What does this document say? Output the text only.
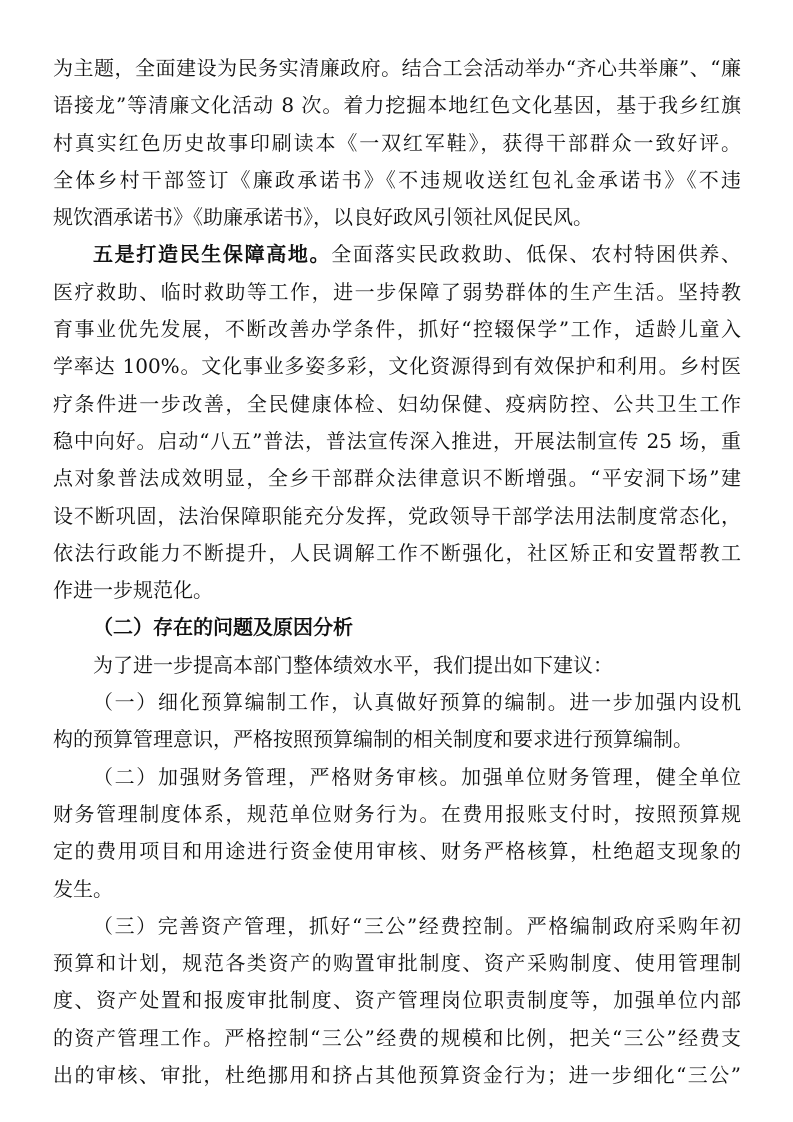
为主题，全面建设为民务实清廉政府。结合工会活动举办“齐心共举廉”、“廉
语接龙”等清廉文化活动 8 次。着力挖掘本地红色文化基因，基于我乡红旗
村真实红色历史故事印刷读本《一双红军鞋》，获得干部群众一致好评。
全体乡村干部签订《廉政承诺书》《不违规收送红包礼金承诺书》《不违
规饮酒承诺书》《助廉承诺书》，以良好政风引领社风促民风。
五是打造民生保障高地。全面落实民政救助、低保、农村特困供养、
医疗救助、临时救助等工作，进一步保障了弱势群体的生产生活。坚持教
育事业优先发展，不断改善办学条件，抓好“控辍保学”工作，适龄儿童入
学率达 100%。文化事业多姿多彩，文化资源得到有效保护和利用。乡村医
疗条件进一步改善，全民健康体检、妇幼保健、疫病防控、公共卫生工作
稳中向好。启动“八五”普法，普法宣传深入推进，开展法制宣传 25 场，重
点对象普法成效明显，全乡干部群众法律意识不断增强。“平安洞下场”建
设不断巩固，法治保障职能充分发挥，党政领导干部学法用法制度常态化，
依法行政能力不断提升，人民调解工作不断强化，社区矫正和安置帮教工
作进一步规范化。
（二）存在的问题及原因分析
为了进一步提高本部门整体绩效水平，我们提出如下建议：
（一）细化预算编制工作，认真做好预算的编制。进一步加强内设机
构的预算管理意识，严格按照预算编制的相关制度和要求进行预算编制。
（二）加强财务管理，严格财务审核。加强单位财务管理，健全单位
财务管理制度体系，规范单位财务行为。在费用报账支付时，按照预算规
定的费用项目和用途进行资金使用审核、财务严格核算，杜绝超支现象的
发生。
（三）完善资产管理，抓好“三公”经费控制。严格编制政府采购年初
预算和计划，规范各类资产的购置审批制度、资产采购制度、使用管理制
度、资产处置和报废审批制度、资产管理岗位职责制度等，加强单位内部
的资产管理工作。严格控制“三公”经费的规模和比例，把关“三公”经费支
出的审核、审批，杜绝挪用和挤占其他预算资金行为；进一步细化“三公”
